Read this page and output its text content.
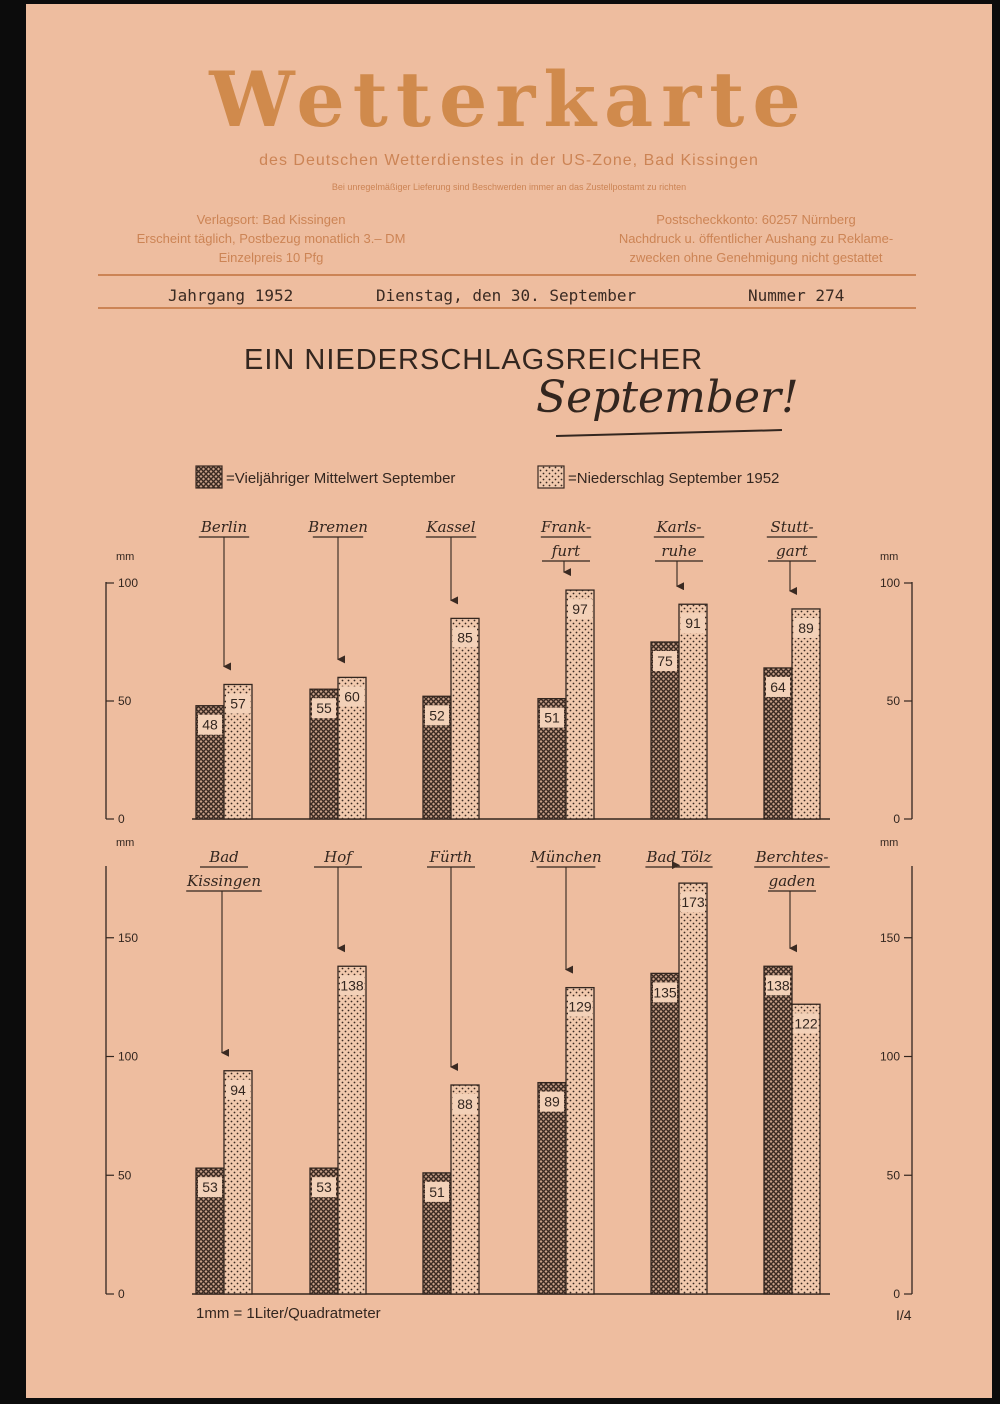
Wetterkarte
des Deutschen Wetterdienstes in der US-Zone, Bad Kissingen
Bei unregelmäßiger Lieferung sind Beschwerden immer an das Zustellpostamt zu richten
Verlagsort: Bad Kissingen
Erscheint täglich, Postbezug monatlich 3.– DM
Einzelpreis 10 Pfg
Postscheckkonto: 60257 Nürnberg
Nachdruck u. öffentlicher Aushang zu Reklame-
zwecken ohne Genehmigung nicht gestattet
Jahrgang 1952	Dienstag, den 30. September	Nummer 274
EIN NIEDERSCHLAGSREICHER
September!
=Vieljähriger Mittelwert September	=Niederschlag September 1952
mm	mm
0	0
50	50
100	100
48
57
Berlin
55
60
Bremen
52
85
Kassel
51
97
Frank-
furt
75
91
Karls-
ruhe
64
89
Stutt-
gart
mm	mm
0	0
50	50
100	100
150	150
53
94
Bad
Kissingen
53
138
Hof
51
88
Fürth
89
129
München
135
173
Bad Tölz
138
122
Berchtes-
gaden
1mm = 1Liter/Quadratmeter	I/4
